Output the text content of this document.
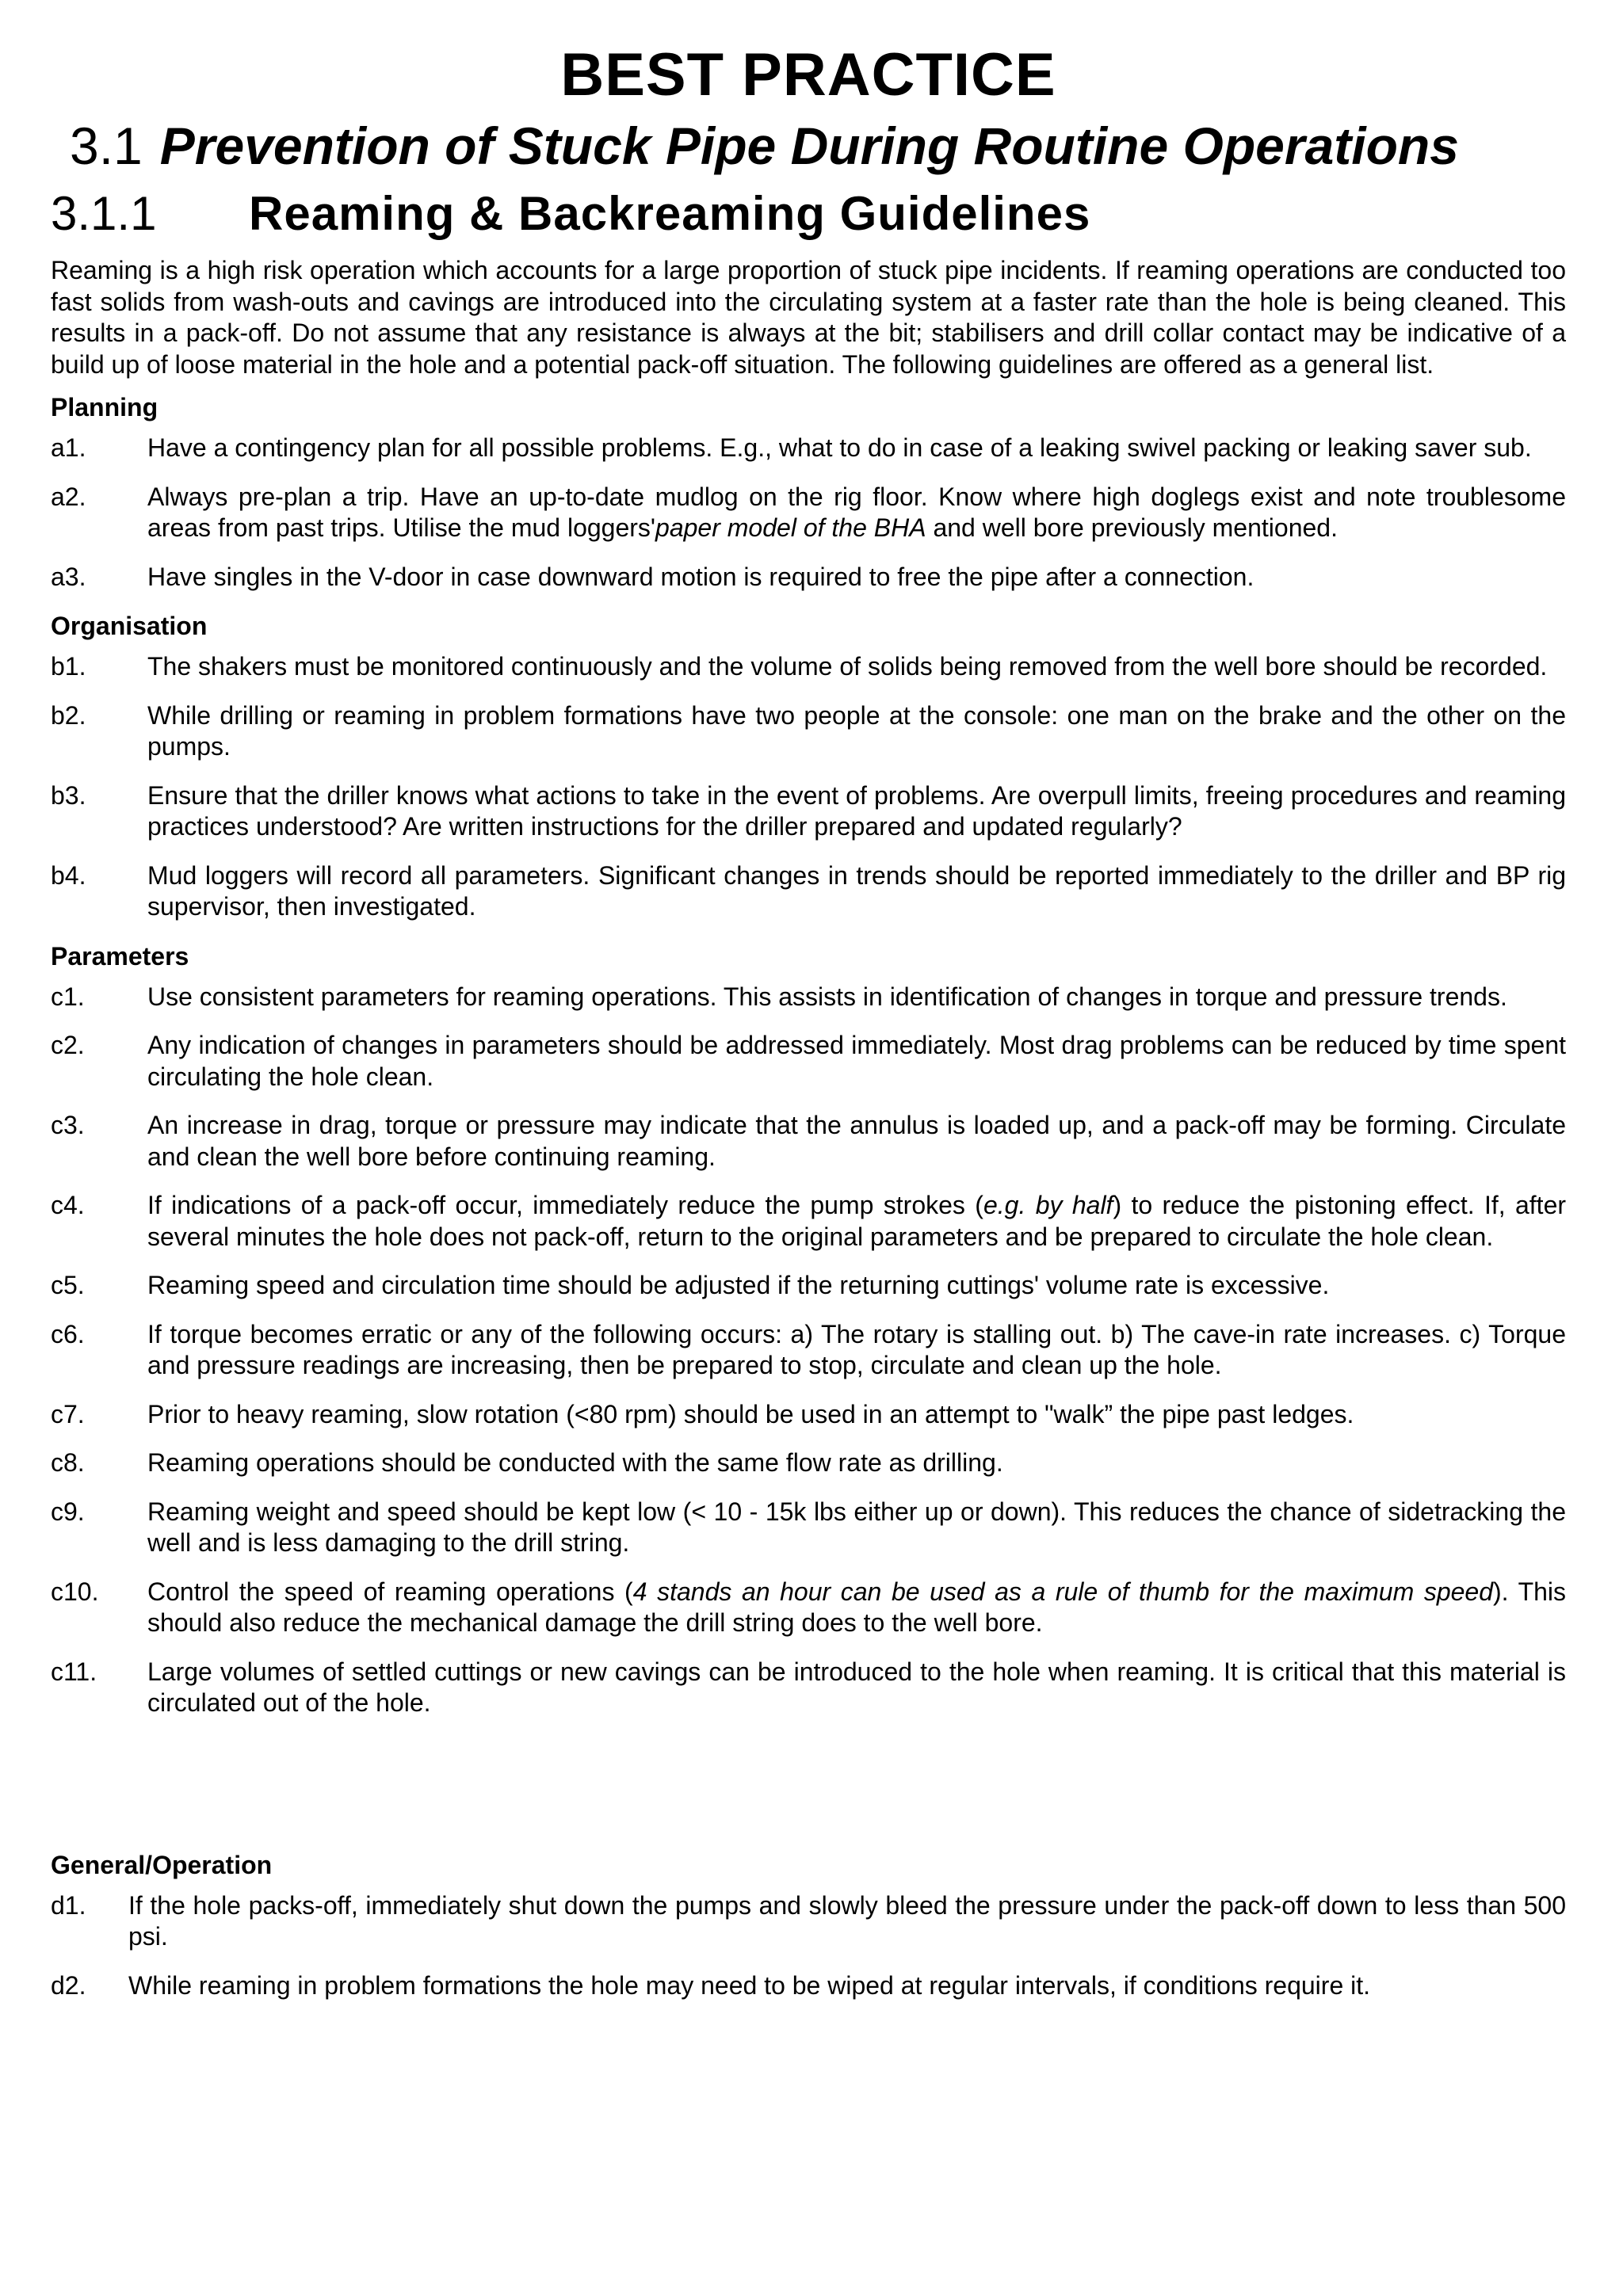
BEST PRACTICE
3.1 Prevention of Stuck Pipe During Routine Operations
3.1.1 Reaming & Backreaming Guidelines

Reaming is a high risk operation which accounts for a large proportion of stuck pipe incidents. If reaming operations are conducted too fast solids from wash-outs and cavings are introduced into the circulating system at a faster rate than the hole is being cleaned. This results in a pack-off. Do not assume that any resistance is always at the bit; stabilisers and drill collar contact may be indicative of a build up of loose material in the hole and a potential pack-off situation. The following guidelines are offered as a general list.

Planning
a1.	Have a contingency plan for all possible problems. E.g., what to do in case of a leaking swivel packing or leaking saver sub.
a2.	Always pre-plan a trip. Have an up-to-date mudlog on the rig floor. Know where high doglegs exist and note troublesome areas from past trips. Utilise the mud loggers'paper model of the BHA and well bore previously mentioned.
a3.	Have singles in the V-door in case downward motion is required to free the pipe after a connection.
Organisation
b1.	The shakers must be monitored continuously and the volume of solids being removed from the well bore should be recorded.
b2.	While drilling or reaming in problem formations have two people at the console: one man on the brake and the other on the pumps.
b3.	Ensure that the driller knows what actions to take in the event of problems. Are overpull limits, freeing procedures and reaming practices understood? Are written instructions for the driller prepared and updated regularly?
b4.	Mud loggers will record all parameters. Significant changes in trends should be reported immediately to the driller and BP rig supervisor, then investigated.
Parameters
c1.	Use consistent parameters for reaming operations. This assists in identification of changes in torque and pressure trends.
c2.	Any indication of changes in parameters should be addressed immediately. Most drag problems can be reduced by time spent circulating the hole clean.
c3.	An increase in drag, torque or pressure may indicate that the annulus is loaded up, and a pack-off may be forming. Circulate and clean the well bore before continuing reaming.
c4.	If indications of a pack-off occur, immediately reduce the pump strokes (e.g. by half) to reduce the pistoning effect. If, after several minutes the hole does not pack-off, return to the original parameters and be prepared to circulate the hole clean.
c5.	Reaming speed and circulation time should be adjusted if the returning cuttings' volume rate is excessive.
c6.	If torque becomes erratic or any of the following occurs: a) The rotary is stalling out. b) The cave-in rate increases. c) Torque and pressure readings are increasing, then be prepared to stop, circulate and clean up the hole.
c7.	Prior to heavy reaming, slow rotation (<80 rpm) should be used in an attempt to "walk” the pipe past ledges.
c8.	Reaming operations should be conducted with the same flow rate as drilling.
c9.	Reaming weight and speed should be kept low (< 10 - 15k lbs either up or down). This reduces the chance of sidetracking the well and is less damaging to the drill string.
c10.	Control the speed of reaming operations (4 stands an hour can be used as a rule of thumb for the maximum speed). This should also reduce the mechanical damage the drill string does to the well bore.
c11.	Large volumes of settled cuttings or new cavings can be introduced to the hole when reaming. It is critical that this material is circulated out of the hole.
General/Operation
d1.	If the hole packs-off, immediately shut down the pumps and slowly bleed the pressure under the pack-off down to less than 500 psi.
d2.	While reaming in problem formations the hole may need to be wiped at regular intervals, if conditions require it.
